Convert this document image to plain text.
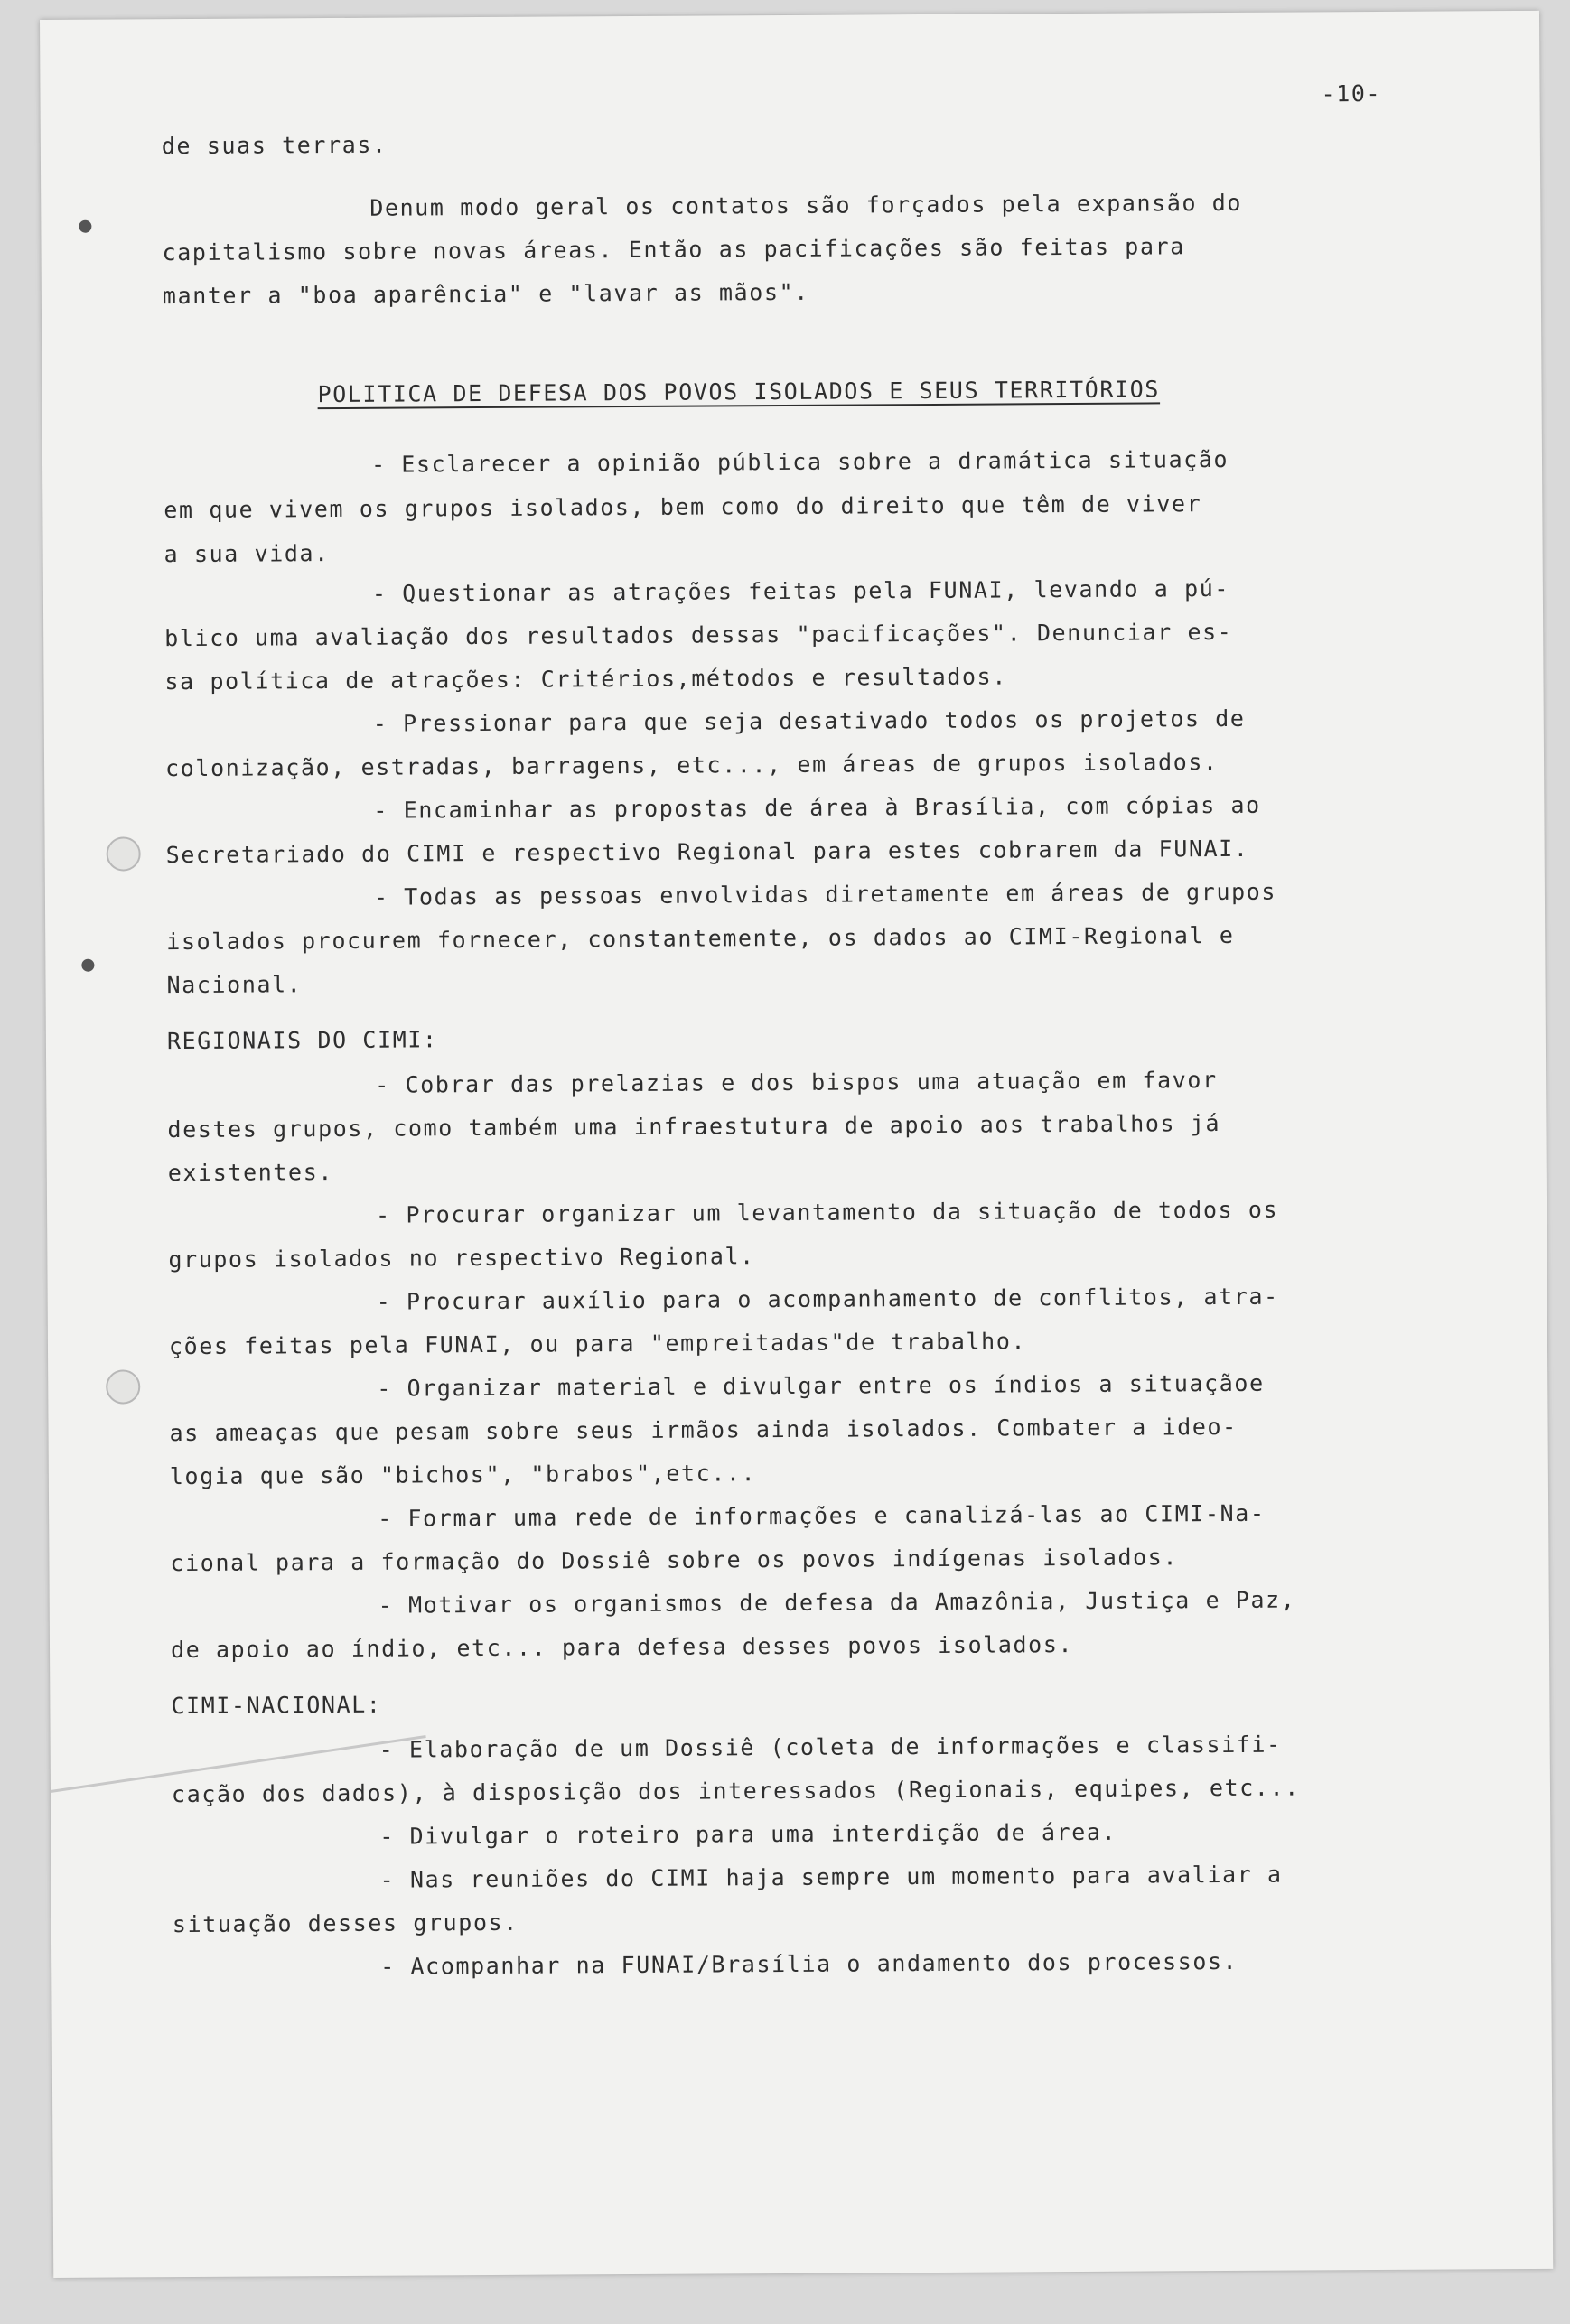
-10-
POLITICA DE DEFESA DOS POVOS ISOLADOS E SEUS TERRITÓRIOS
de suas terras.
Denum modo geral os contatos são forçados pela expansão do
capitalismo sobre novas áreas. Então as pacificações são feitas para
manter a "boa aparência" e "lavar as mãos".
- Esclarecer a opinião pública sobre a dramática situação
em que vivem os grupos isolados, bem como do direito que têm de viver
a sua vida.
- Questionar as atrações feitas pela FUNAI, levando a pú-
blico uma avaliação dos resultados dessas "pacificações". Denunciar es-
sa política de atrações: Critérios,métodos e resultados.
- Pressionar para que seja desativado todos os projetos de
colonização, estradas, barragens, etc..., em áreas de grupos isolados.
- Encaminhar as propostas de área à Brasília, com cópias ao
Secretariado do CIMI e respectivo Regional para estes cobrarem da FUNAI.
- Todas as pessoas envolvidas diretamente em áreas de grupos
isolados procurem fornecer, constantemente, os dados ao CIMI-Regional e
Nacional.
REGIONAIS DO CIMI:
- Cobrar das prelazias e dos bispos uma atuação em favor
destes grupos, como também uma infraestutura de apoio aos trabalhos já
existentes.
- Procurar organizar um levantamento da situação de todos os
grupos isolados no respectivo Regional.
- Procurar auxílio para o acompanhamento de conflitos, atra-
ções feitas pela FUNAI, ou para "empreitadas"de trabalho.
- Organizar material e divulgar entre os índios a situaçãoe
as ameaças que pesam sobre seus irmãos ainda isolados. Combater a ideo-
logia que são "bichos", "brabos",etc...
- Formar uma rede de informações e canalizá-las ao CIMI-Na-
cional para a formação do Dossiê sobre os povos indígenas isolados.
- Motivar os organismos de defesa da Amazônia, Justiça e Paz,
de apoio ao índio, etc... para defesa desses povos isolados.
CIMI-NACIONAL:
- Elaboração de um Dossiê (coleta de informações e classifi-
cação dos dados), à disposição dos interessados (Regionais, equipes, etc...
- Divulgar o roteiro para uma interdição de área.
- Nas reuniões do CIMI haja sempre um momento para avaliar a
situação desses grupos.
- Acompanhar na FUNAI/Brasília o andamento dos processos.
